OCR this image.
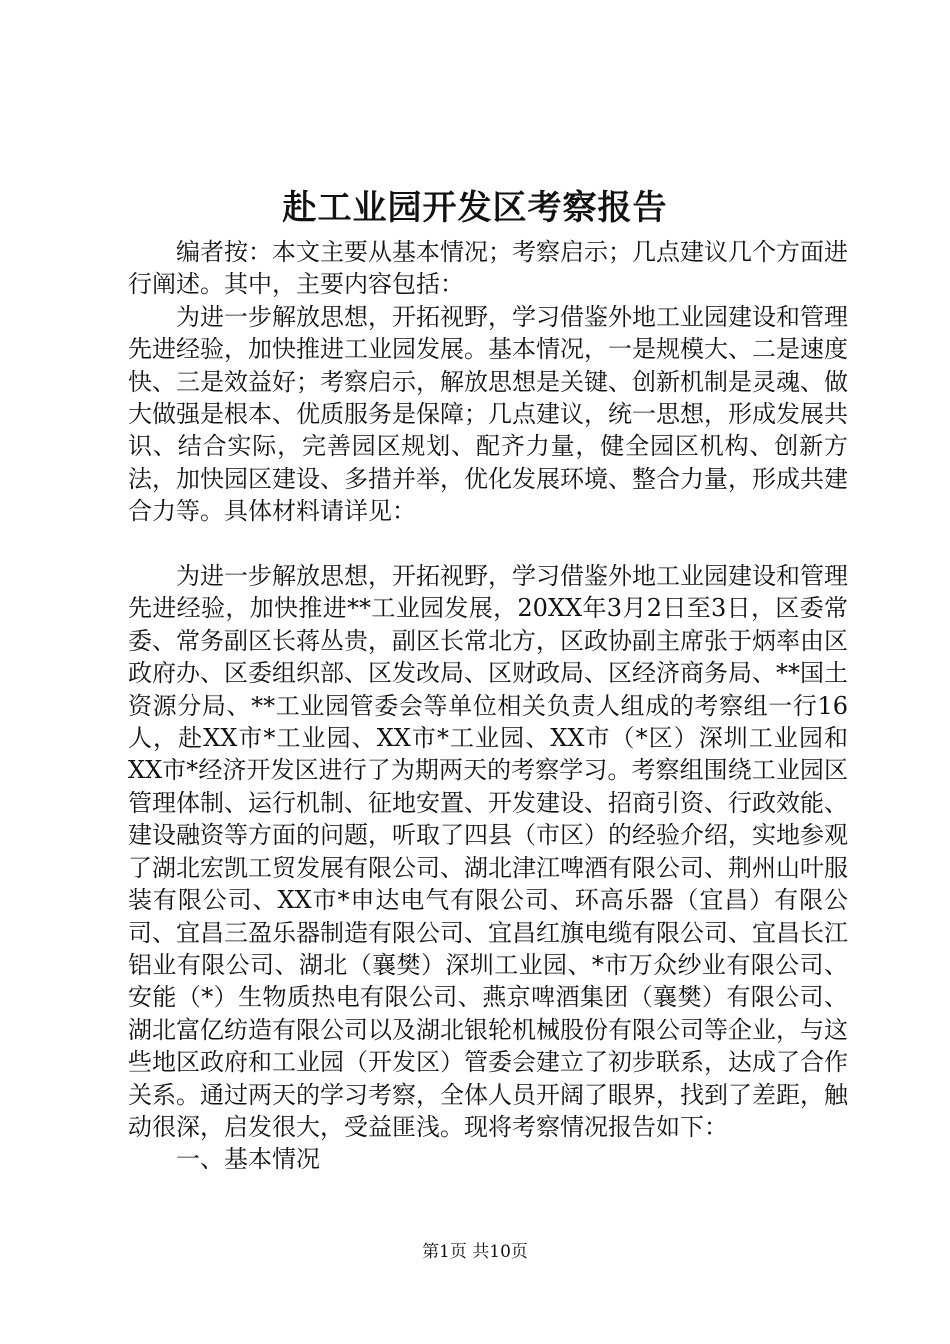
赴工业园开发区考察报告

编者按：本文主要从基本情况；考察启示；几点建议几个方面进行阐述。其中，主要内容包括：

为进一步解放思想，开拓视野，学习借鉴外地工业园建设和管理先进经验，加快推进工业园发展。基本情况，一是规模大、二是速度快、三是效益好；考察启示，解放思想是关键、创新机制是灵魂、做大做强是根本、优质服务是保障；几点建议，统一思想，形成发展共识、结合实际，完善园区规划、配齐力量，健全园区机构、创新方法，加快园区建设、多措并举，优化发展环境、整合力量，形成共建合力等。具体材料请详见：

为进一步解放思想，开拓视野，学习借鉴外地工业园建设和管理先进经验，加快推进**工业园发展，20XX年3月2日至3日，区委常委、常务副区长蒋丛贵，副区长常北方，区政协副主席张于炳率由区政府办、区委组织部、区发改局、区财政局、区经济商务局、**国土资源分局、**工业园管委会等单位相关负责人组成的考察组一行16人，赴XX市*工业园、XX市*工业园、XX市（*区）深圳工业园和XX市*经济开发区进行了为期两天的考察学习。考察组围绕工业园区管理体制、运行机制、征地安置、开发建设、招商引资、行政效能、建设融资等方面的问题，听取了四县（市区）的经验介绍，实地参观了湖北宏凯工贸发展有限公司、湖北津江啤酒有限公司、荆州山叶服装有限公司、XX市*申达电气有限公司、环高乐器（宜昌）有限公司、宜昌三盈乐器制造有限公司、宜昌红旗电缆有限公司、宜昌长江铝业有限公司、湖北（襄樊）深圳工业园、*市万众纱业有限公司、安能（*）生物质热电有限公司、燕京啤酒集团（襄樊）有限公司、湖北富亿纺造有限公司以及湖北银轮机械股份有限公司等企业，与这些地区政府和工业园（开发区）管委会建立了初步联系，达成了合作关系。通过两天的学习考察，全体人员开阔了眼界，找到了差距，触动很深，启发很大，受益匪浅。现将考察情况报告如下：

一、基本情况

第1页 共10页
